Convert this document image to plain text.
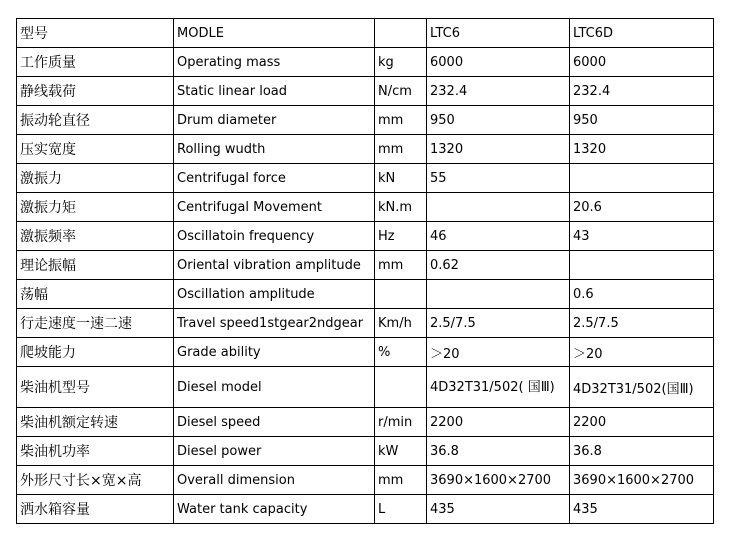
型号	MODLE		LTC6	LTC6D
工作质量	Operating mass	kg	6000	6000
静线载荷	Static linear load	N/cm	232.4	232.4
振动轮直径	Drum diameter	mm	950	950
压实宽度	Rolling wudth	mm	1320	1320
激振力	Centrifugal force	kN	55	
激振力矩	Centrifugal Movement	kN.m		20.6
激振频率	Oscillatoin frequency	Hz	46	43
理论振幅	Oriental vibration amplitude	mm	0.62	
荡幅	Oscillation amplitude			0.6
行走速度一速二速	Travel speed1stgear2ndgear	Km/h	2.5/7.5	2.5/7.5
爬坡能力	Grade ability	%	＞20	＞20
柴油机型号	Diesel model		4D32T31/502( 国Ⅲ)	4D32T31/502(国Ⅲ)
柴油机额定转速	Diesel speed	r/min	2200	2200
柴油机功率	Diesel power	kW	36.8	36.8
外形尺寸长×宽×高	Overall dimension	mm	3690×1600×2700	3690×1600×2700
洒水箱容量	Water tank capacity	L	435	435
